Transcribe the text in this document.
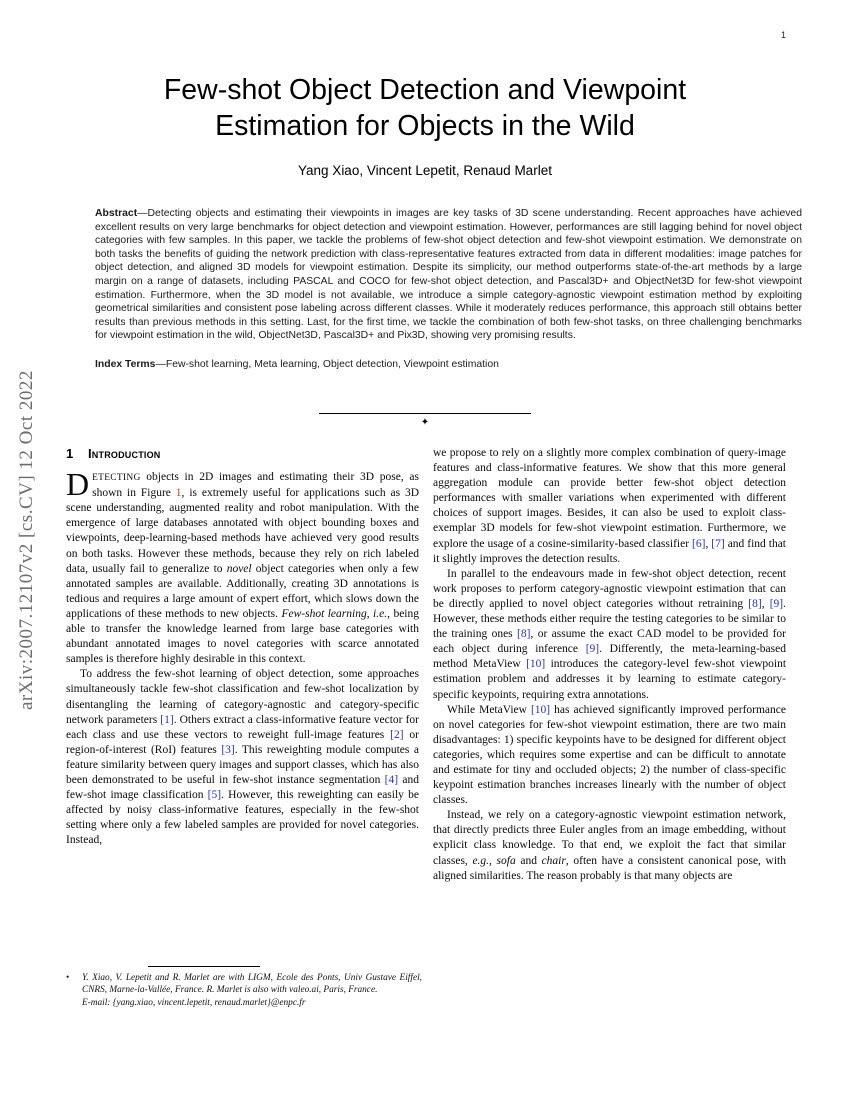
1
arXiv:2007.12107v2 [cs.CV] 12 Oct 2022
Few-shot Object Detection and Viewpoint
Estimation for Objects in the Wild
Yang Xiao, Vincent Lepetit, Renaud Marlet
Abstract—Detecting objects and estimating their viewpoints in images are key tasks of 3D scene understanding. Recent approaches have achieved excellent results on very large benchmarks for object detection and viewpoint estimation. However, performances are still lagging behind for novel object categories with few samples. In this paper, we tackle the problems of few-shot object detection and few-shot viewpoint estimation. We demonstrate on both tasks the benefits of guiding the network prediction with class-representative features extracted from data in different modalities: image patches for object detection, and aligned 3D models for viewpoint estimation. Despite its simplicity, our method outperforms state-of-the-art methods by a large margin on a range of datasets, including PASCAL and COCO for few-shot object detection, and Pascal3D+ and ObjectNet3D for few-shot viewpoint estimation. Furthermore, when the 3D model is not available, we introduce a simple category-agnostic viewpoint estimation method by exploiting geometrical similarities and consistent pose labeling across different classes. While it moderately reduces performance, this approach still obtains better results than previous methods in this setting. Last, for the first time, we tackle the combination of both few-shot tasks, on three challenging benchmarks for viewpoint estimation in the wild, ObjectNet3D, Pascal3D+ and Pix3D, showing very promising results.
Index Terms—Few-shot learning, Meta learning, Object detection, Viewpoint estimation
✦
1 Introduction

DETECTING objects in 2D images and estimating their 3D pose, as shown in Figure 1, is extremely useful for applications such as 3D scene understanding, augmented reality and robot manipulation. With the emergence of large databases annotated with object bounding boxes and viewpoints, deep-learning-based methods have achieved very good results on both tasks. However these methods, because they rely on rich labeled data, usually fail to generalize to novel object categories when only a few annotated samples are available. Additionally, creating 3D annotations is tedious and requires a large amount of expert effort, which slows down the applications of these methods to new objects. Few-shot learning, i.e., being able to transfer the knowledge learned from large base categories with abundant annotated images to novel categories with scarce annotated samples is therefore highly desirable in this context.

To address the few-shot learning of object detection, some approaches simultaneously tackle few-shot classification and few-shot localization by disentangling the learning of category-agnostic and category-specific network parameters [1]. Others extract a class-informative feature vector for each class and use these vectors to reweight full-image features [2] or region-of-interest (RoI) features [3]. This reweighting module computes a feature similarity between query images and support classes, which has also been demonstrated to be useful in few-shot instance segmentation [4] and few-shot image classification [5]. However, this reweighting can easily be affected by noisy class-informative features, especially in the few-shot setting where only a few labeled samples are provided for novel categories. Instead,

we propose to rely on a slightly more complex combination of query-image features and class-informative features. We show that this more general aggregation module can provide better few-shot object detection performances with smaller variations when experimented with different choices of support images. Besides, it can also be used to exploit class-exemplar 3D models for few-shot viewpoint estimation. Furthermore, we explore the usage of a cosine-similarity-based classifier [6], [7] and find that it slightly improves the detection results.

In parallel to the endeavours made in few-shot object detection, recent work proposes to perform category-agnostic viewpoint estimation that can be directly applied to novel object categories without retraining [8], [9]. However, these methods either require the testing categories to be similar to the training ones [8], or assume the exact CAD model to be provided for each object during inference [9]. Differently, the meta-learning-based method MetaView [10] introduces the category-level few-shot viewpoint estimation problem and addresses it by learning to estimate category-specific keypoints, requiring extra annotations.

While MetaView [10] has achieved significantly improved performance on novel categories for few-shot viewpoint estimation, there are two main disadvantages: 1) specific keypoints have to be designed for different object categories, which requires some expertise and can be difficult to annotate and estimate for tiny and occluded objects; 2) the number of class-specific keypoint estimation branches increases linearly with the number of object classes.

Instead, we rely on a category-agnostic viewpoint estimation network, that directly predicts three Euler angles from an image embedding, without explicit class knowledge. To that end, we exploit the fact that similar classes, e.g., sofa and chair, often have a consistent canonical pose, with aligned similarities. The reason probably is that many objects are

•	Y. Xiao, V. Lepetit and R. Marlet are with LIGM, Ecole des Ponts, Univ Gustave Eiffel, CNRS, Marne-la-Vallée, France. R. Marlet is also with valeo.ai, Paris, France.
E-mail: {yang.xiao, vincent.lepetit, renaud.marlet}@enpc.fr
